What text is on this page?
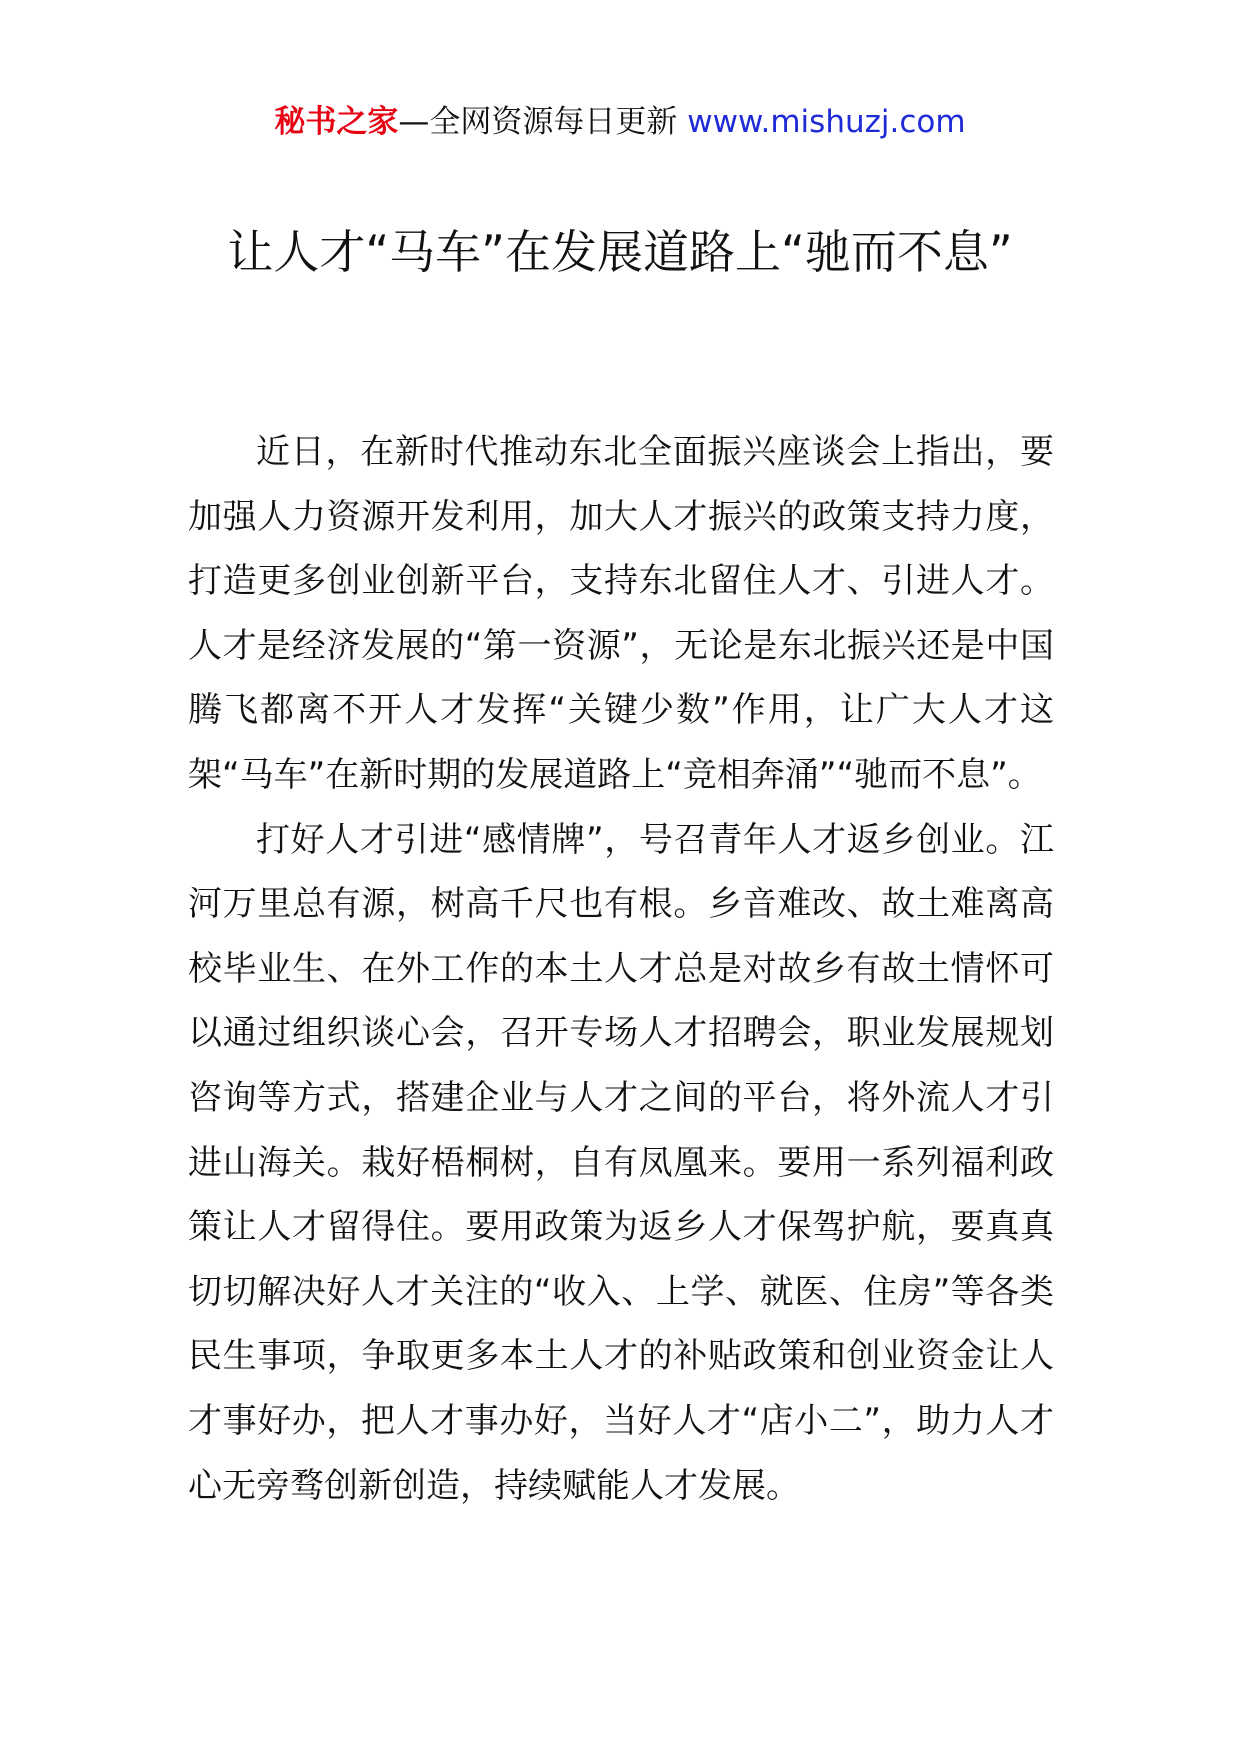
秘书之家—全网资源每日更新 www.mishuzj.com
让人才“马车”在发展道路上“驰而不息”

近日，在新时代推动东北全面振兴座谈会上指出，要加强人力资源开发利用，加大人才振兴的政策支持力度，打造更多创业创新平台，支持东北留住人才、引进人才。人才是经济发展的“第一资源”，无论是东北振兴还是中国腾飞都离不开人才发挥“关键少数”作用，让广大人才这架“马车”在新时期的发展道路上“竞相奔涌”“驰而不息”。

打好人才引进“感情牌”，号召青年人才返乡创业。江河万里总有源，树高千尺也有根。乡音难改、故土难离高校毕业生、在外工作的本土人才总是对故乡有故土情怀可以通过组织谈心会，召开专场人才招聘会，职业发展规划咨询等方式，搭建企业与人才之间的平台，将外流人才引进山海关。栽好梧桐树，自有凤凰来。要用一系列福利政策让人才留得住。要用政策为返乡人才保驾护航，要真真切切解决好人才关注的“收入、上学、就医、住房”等各类民生事项，争取更多本土人才的补贴政策和创业资金让人才事好办，把人才事办好，当好人才“店小二”，助力人才心无旁骛创新创造，持续赋能人才发展。
